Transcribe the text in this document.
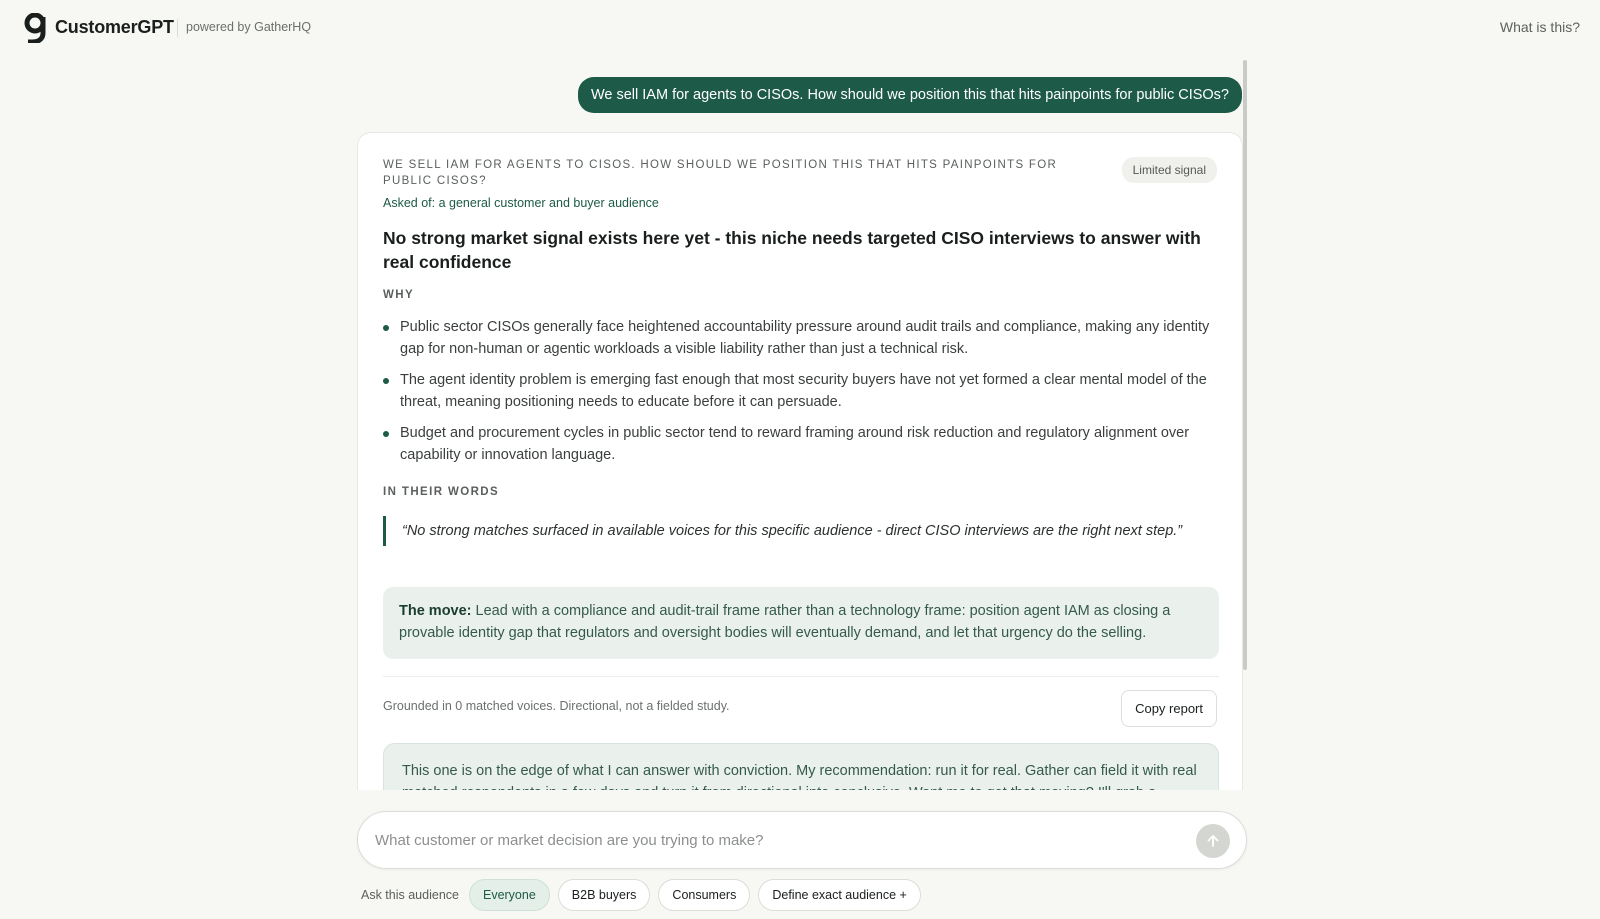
CustomerGPT powered by GatherHQ	What is this?
We sell IAM for agents to CISOs. How should we position this that hits painpoints for public CISOs?
WE SELL IAM FOR AGENTS TO CISOS. HOW SHOULD WE POSITION THIS THAT HITS PAINPOINTS FOR PUBLIC CISOS?
Limited signal
Asked of: a general customer and buyer audience
No strong market signal exists here yet - this niche needs targeted CISO interviews to answer with real confidence
WHY
Public sector CISOs generally face heightened accountability pressure around audit trails and compliance, making any identity gap for non-human or agentic workloads a visible liability rather than just a technical risk.
The agent identity problem is emerging fast enough that most security buyers have not yet formed a clear mental model of the threat, meaning positioning needs to educate before it can persuade.
Budget and procurement cycles in public sector tend to reward framing around risk reduction and regulatory alignment over capability or innovation language.
IN THEIR WORDS
“No strong matches surfaced in available voices for this specific audience - direct CISO interviews are the right next step.”
The move: Lead with a compliance and audit-trail frame rather than a technology frame: position agent IAM as closing a provable identity gap that regulators and oversight bodies will eventually demand, and let that urgency do the selling.
Grounded in 0 matched voices. Directional, not a fielded study.	Copy report
This one is on the edge of what I can answer with conviction. My recommendation: run it for real. Gather can field it with real
What customer or market decision are you trying to make?
Ask this audience	Everyone	B2B buyers	Consumers	Define exact audience +
